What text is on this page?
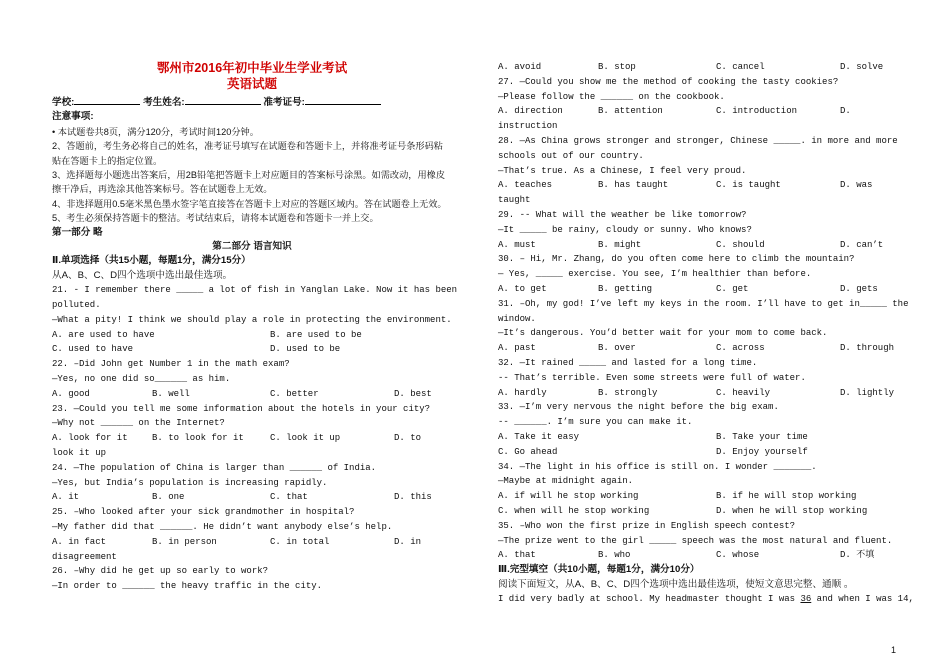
鄂州市2016年初中毕业生学业考试
英语试题
学校:	考生姓名:	准考证号:
注意事项:
• 本试题卷共8页，满分120分，考试时间120分钟。
2、答题前，考生务必将自己的姓名，准考证号填写在试题卷和答题卡上，并将准考证号条形码粘贴在答题卡上的指定位置。
3、选择题每小题选出答案后，用2B铅笔把答题卡上对应题目的答案标号涂黑。如需改动，用橡皮擦干净后，再选涂其他答案标号。答在试题卷上无效。
4、非选择题用0.5毫米黑色墨水签字笔直接答在答题卡上对应的答题区域内。答在试题卷上无效。
5、考生必须保持答题卡的整洁。考试结束后，请将本试题卷和答题卡一并上交。
第一部分 略
第二部分 语言知识
Ⅱ.单项选择（共15小题，每题1分，满分15分）
从A、B、C、D四个选项中选出最佳选项。
21. - I remember there _____ a lot of fish in Yanglan Lake. Now it has been
polluted.
—What a pity! I think we should play a role in protecting the environment.
A. are used to have	B. are used to be
C. used to have	D. used to be
22. –Did John get Number 1 in the math exam?
—Yes, no one did so______ as him.
A. good	B. well	C. better	D. best
23. —Could you tell me some information about the hotels in your city?
—Why not ______ on the Internet?
A. look for it	B. to look for it	C. look it up	D. to
look it up
24. —The population of China is larger than ______ of India.
—Yes, but India’s population is increasing rapidly.
A. it	B. one	C. that	D. this
25. –Who looked after your sick grandmother in hospital?
—My father did that ______. He didn’t want anybody else’s help.
A. in fact	B. in person	C. in total	D. in
disagreement
26. –Why did he get up so early to work?
—In order to ______ the heavy traffic in the city.
A. avoid	B. stop	C. cancel	D. solve
27. —Could you show me the method of cooking the tasty cookies?
—Please follow the ______ on the cookbook.
A. direction	B. attention	C. introduction	D.
instruction
28. —As China grows stronger and stronger, Chinese _____. in more and more
schools out of our country.
—That’s true. As a Chinese, I feel very proud.
A. teaches	B. has taught	C. is taught	D. was
taught
29. -- What will the weather be like tomorrow?
—It _____ be rainy, cloudy or sunny. Who knows?
A. must	B. might	C. should	D. can’t
30. – Hi, Mr. Zhang, do you often come here to climb the mountain?
— Yes, _____ exercise. You see, I’m healthier than before.
A. to get	B. getting	C. get	D. gets
31. –Oh, my god! I’ve left my keys in the room. I’ll have to get in_____ the
window.
—It’s dangerous. You’d better wait for your mom to come back.
A. past	B. over	C. across	D. through
32. —It rained _____ and lasted for a long time.
-- That’s terrible. Even some streets were full of water.
A. hardly	B. strongly	C. heavily	D. lightly
33. —I’m very nervous the night before the big exam.
-- ______. I’m sure you can make it.
A. Take it easy	B. Take your time
C. Go ahead	D. Enjoy yourself
34. —The light in his office is still on. I wonder _______.
—Maybe at midnight again.
A. if will he stop working	B. if he will stop working
C. when will he stop working	D. when he will stop working
35. –Who won the first prize in English speech contest?
—The prize went to the girl _____ speech was the most natural and fluent.
A. that	B. who	C. whose	D. 不填
Ⅲ.完型填空（共10小题，每题1分，满分10分）
阅读下面短文，从A、B、C、D四个选项中选出最佳选项，使短文意思完整、通顺 。
I did very badly at school. My headmaster thought I was 36 and when I was 14,
1
